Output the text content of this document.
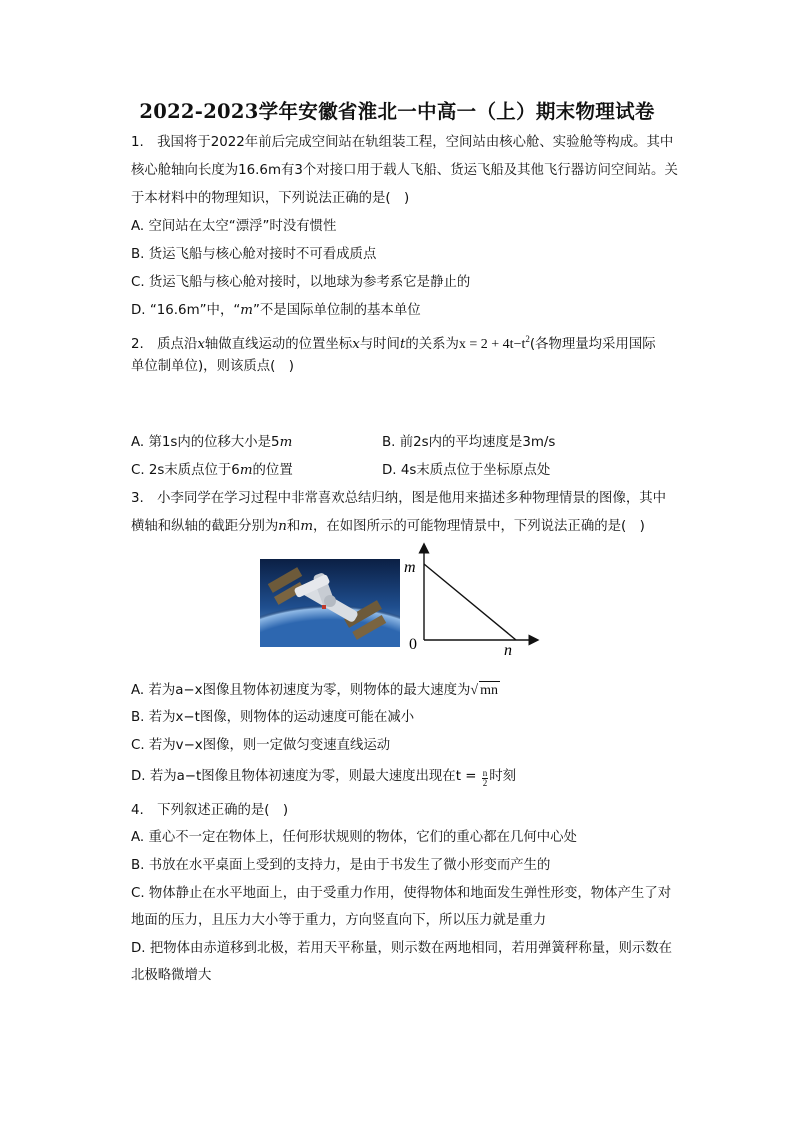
2022-2023学年安徽省淮北一中高一（上）期末物理试卷
1.　我国将于2022年前后完成空间站在轨组装工程，空间站由核心舱、实验舱等构成。其中
核心舱轴向长度为16.6m有3个对接口用于载人飞船、货运飞船及其他飞行器访问空间站。关
于本材料中的物理知识，下列说法正确的是(　)
A. 空间站在太空“漂浮”时没有惯性
B. 货运飞船与核心舱对接时不可看成质点
C. 货运飞船与核心舱对接时，以地球为参考系它是静止的
D. “16.6m”中，“m”不是国际单位制的基本单位
2.　质点沿x轴做直线运动的位置坐标x与时间t的关系为$x = 2 + 4t-t^2$(各物理量均采用国际
单位制单位)，则该质点(　)
A. 第1s内的位移大小是5m	B. 前2s内的平均速度是3m/s
C. 2s末质点位于6m的位置	D. 4s末质点位于坐标原点处
3.　小李同学在学习过程中非常喜欢总结归纳，图是他用来描述多种物理情景的图像，其中
横轴和纵轴的截距分别为n和m，在如图所示的可能物理情景中，下列说法正确的是(　)
m
0	n
A. 若为a−x图像且物体初速度为零，则物体的最大速度为√ mn
B. 若为x−t图像，则物体的运动速度可能在减小
C. 若为v−x图像，则一定做匀变速直线运动
D. 若为a−t图像且物体初速度为零，则最大速度出现在$t = \frac{n}{2}$ 时刻
4.　下列叙述正确的是(　)
A. 重心不一定在物体上，任何形状规则的物体，它们的重心都在几何中心处
B. 书放在水平桌面上受到的支持力，是由于书发生了微小形变而产生的
C. 物体静止在水平地面上，由于受重力作用，使得物体和地面发生弹性形变，物体产生了对
地面的压力，且压力大小等于重力，方向竖直向下，所以压力就是重力
D. 把物体由赤道移到北极，若用天平称量，则示数在两地相同，若用弹簧秤称量，则示数在
北极略微增大
